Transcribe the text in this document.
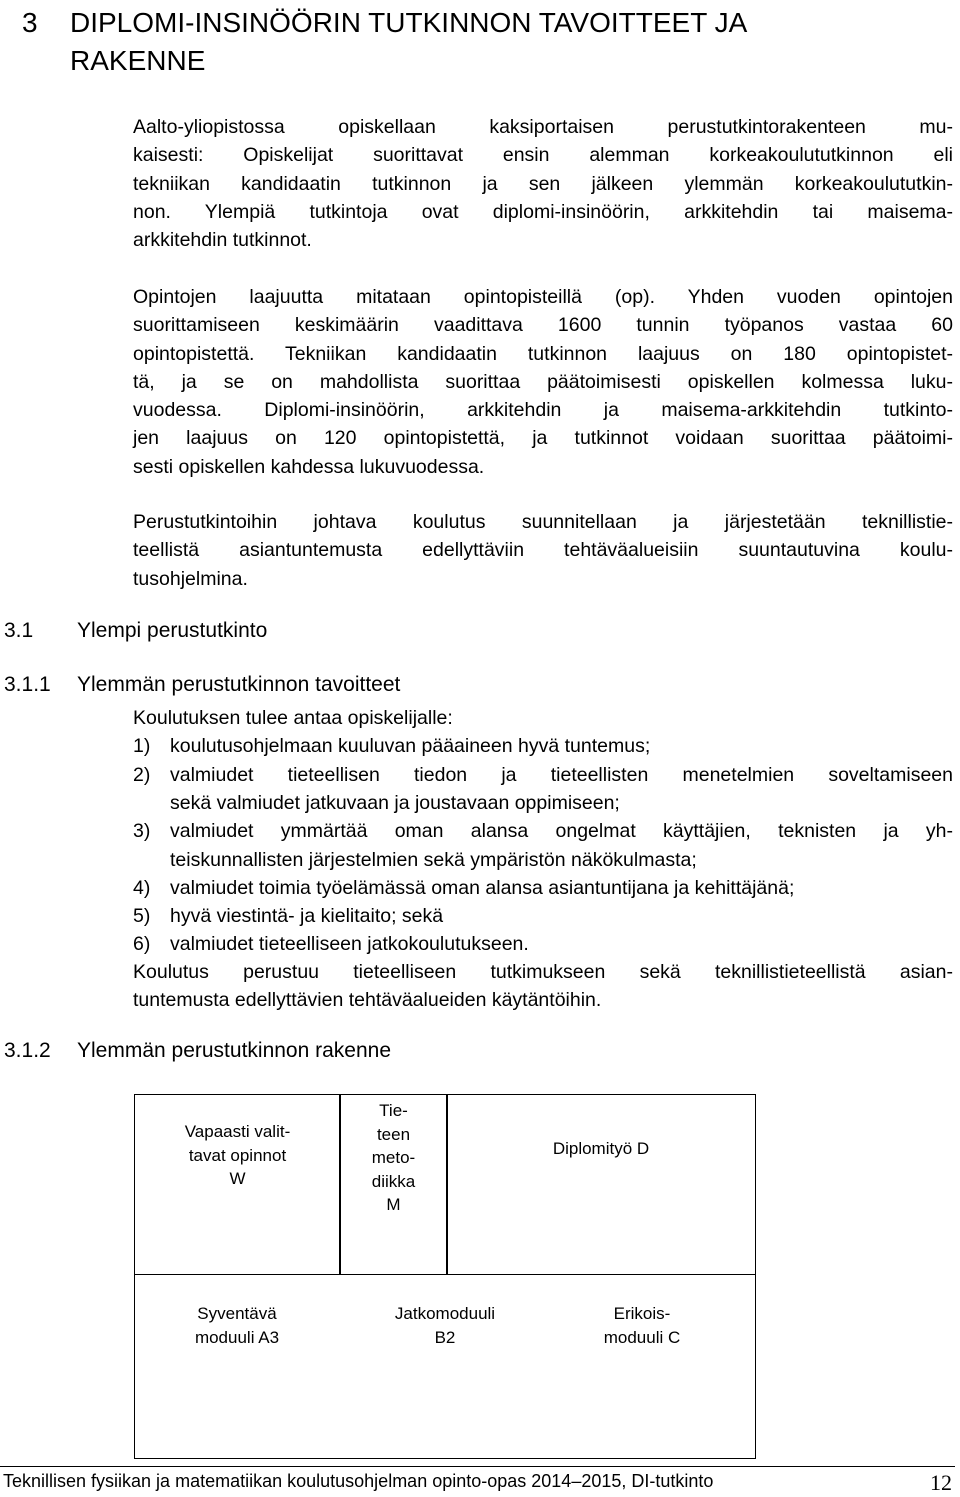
3 DIPLOMI-INSINÖÖRIN TUTKINNON TAVOITTEET JA
RAKENNE
Aalto-yliopistossa opiskellaan kaksiportaisen perustutkintorakenteen mu-
kaisesti: Opiskelijat suorittavat ensin alemman korkeakoulututkinnon eli
tekniikan kandidaatin tutkinnon ja sen jälkeen ylemmän korkeakoulututkin-
non. Ylempiä tutkintoja ovat diplomi-insinöörin, arkkitehdin tai maisema-
arkkitehdin tutkinnot.
Opintojen laajuutta mitataan opintopisteillä (op). Yhden vuoden opintojen
suorittamiseen keskimäärin vaadittava 1600 tunnin työpanos vastaa 60
opintopistettä. Tekniikan kandidaatin tutkinnon laajuus on 180 opintopistet-
tä, ja se on mahdollista suorittaa päätoimisesti opiskellen kolmessa luku-
vuodessa. Diplomi-insinöörin, arkkitehdin ja maisema-arkkitehdin tutkinto-
jen laajuus on 120 opintopistettä, ja tutkinnot voidaan suorittaa päätoimi-
sesti opiskellen kahdessa lukuvuodessa.
Perustutkintoihin johtava koulutus suunnitellaan ja järjestetään teknillistie-
teellistä asiantuntemusta edellyttäviin tehtäväalueisiin suuntautuvina koulu-
tusohjelmina.
3.1 Ylempi perustutkinto
3.1.1 Ylemmän perustutkinnon tavoitteet
Koulutuksen tulee antaa opiskelijalle:
1) koulutusohjelmaan kuuluvan pääaineen hyvä tuntemus;
2) valmiudet tieteellisen tiedon ja tieteellisten menetelmien soveltamiseen
sekä valmiudet jatkuvaan ja joustavaan oppimiseen;
3) valmiudet ymmärtää oman alansa ongelmat käyttäjien, teknisten ja yh-
teiskunnallisten järjestelmien sekä ympäristön näkökulmasta;
4) valmiudet toimia työelämässä oman alansa asiantuntijana ja kehittäjänä;
5) hyvä viestintä- ja kielitaito; sekä
6) valmiudet tieteelliseen jatkokoulutukseen.
Koulutus perustuu tieteelliseen tutkimukseen sekä teknillistieteellistä asian-
tuntemusta edellyttävien tehtäväalueiden käytäntöihin.
3.1.2 Ylemmän perustutkinnon rakenne
Vapaasti valit-
tavat opinnot
W
Tie-
teen
meto-
diikka
M
Diplomityö D
Syventävä
moduuli A3
Jatkomoduuli
B2
Erikois-
moduuli C
Teknillisen fysiikan ja matematiikan koulutusohjelman opinto-opas 2014–2015, DI-tutkinto	12
